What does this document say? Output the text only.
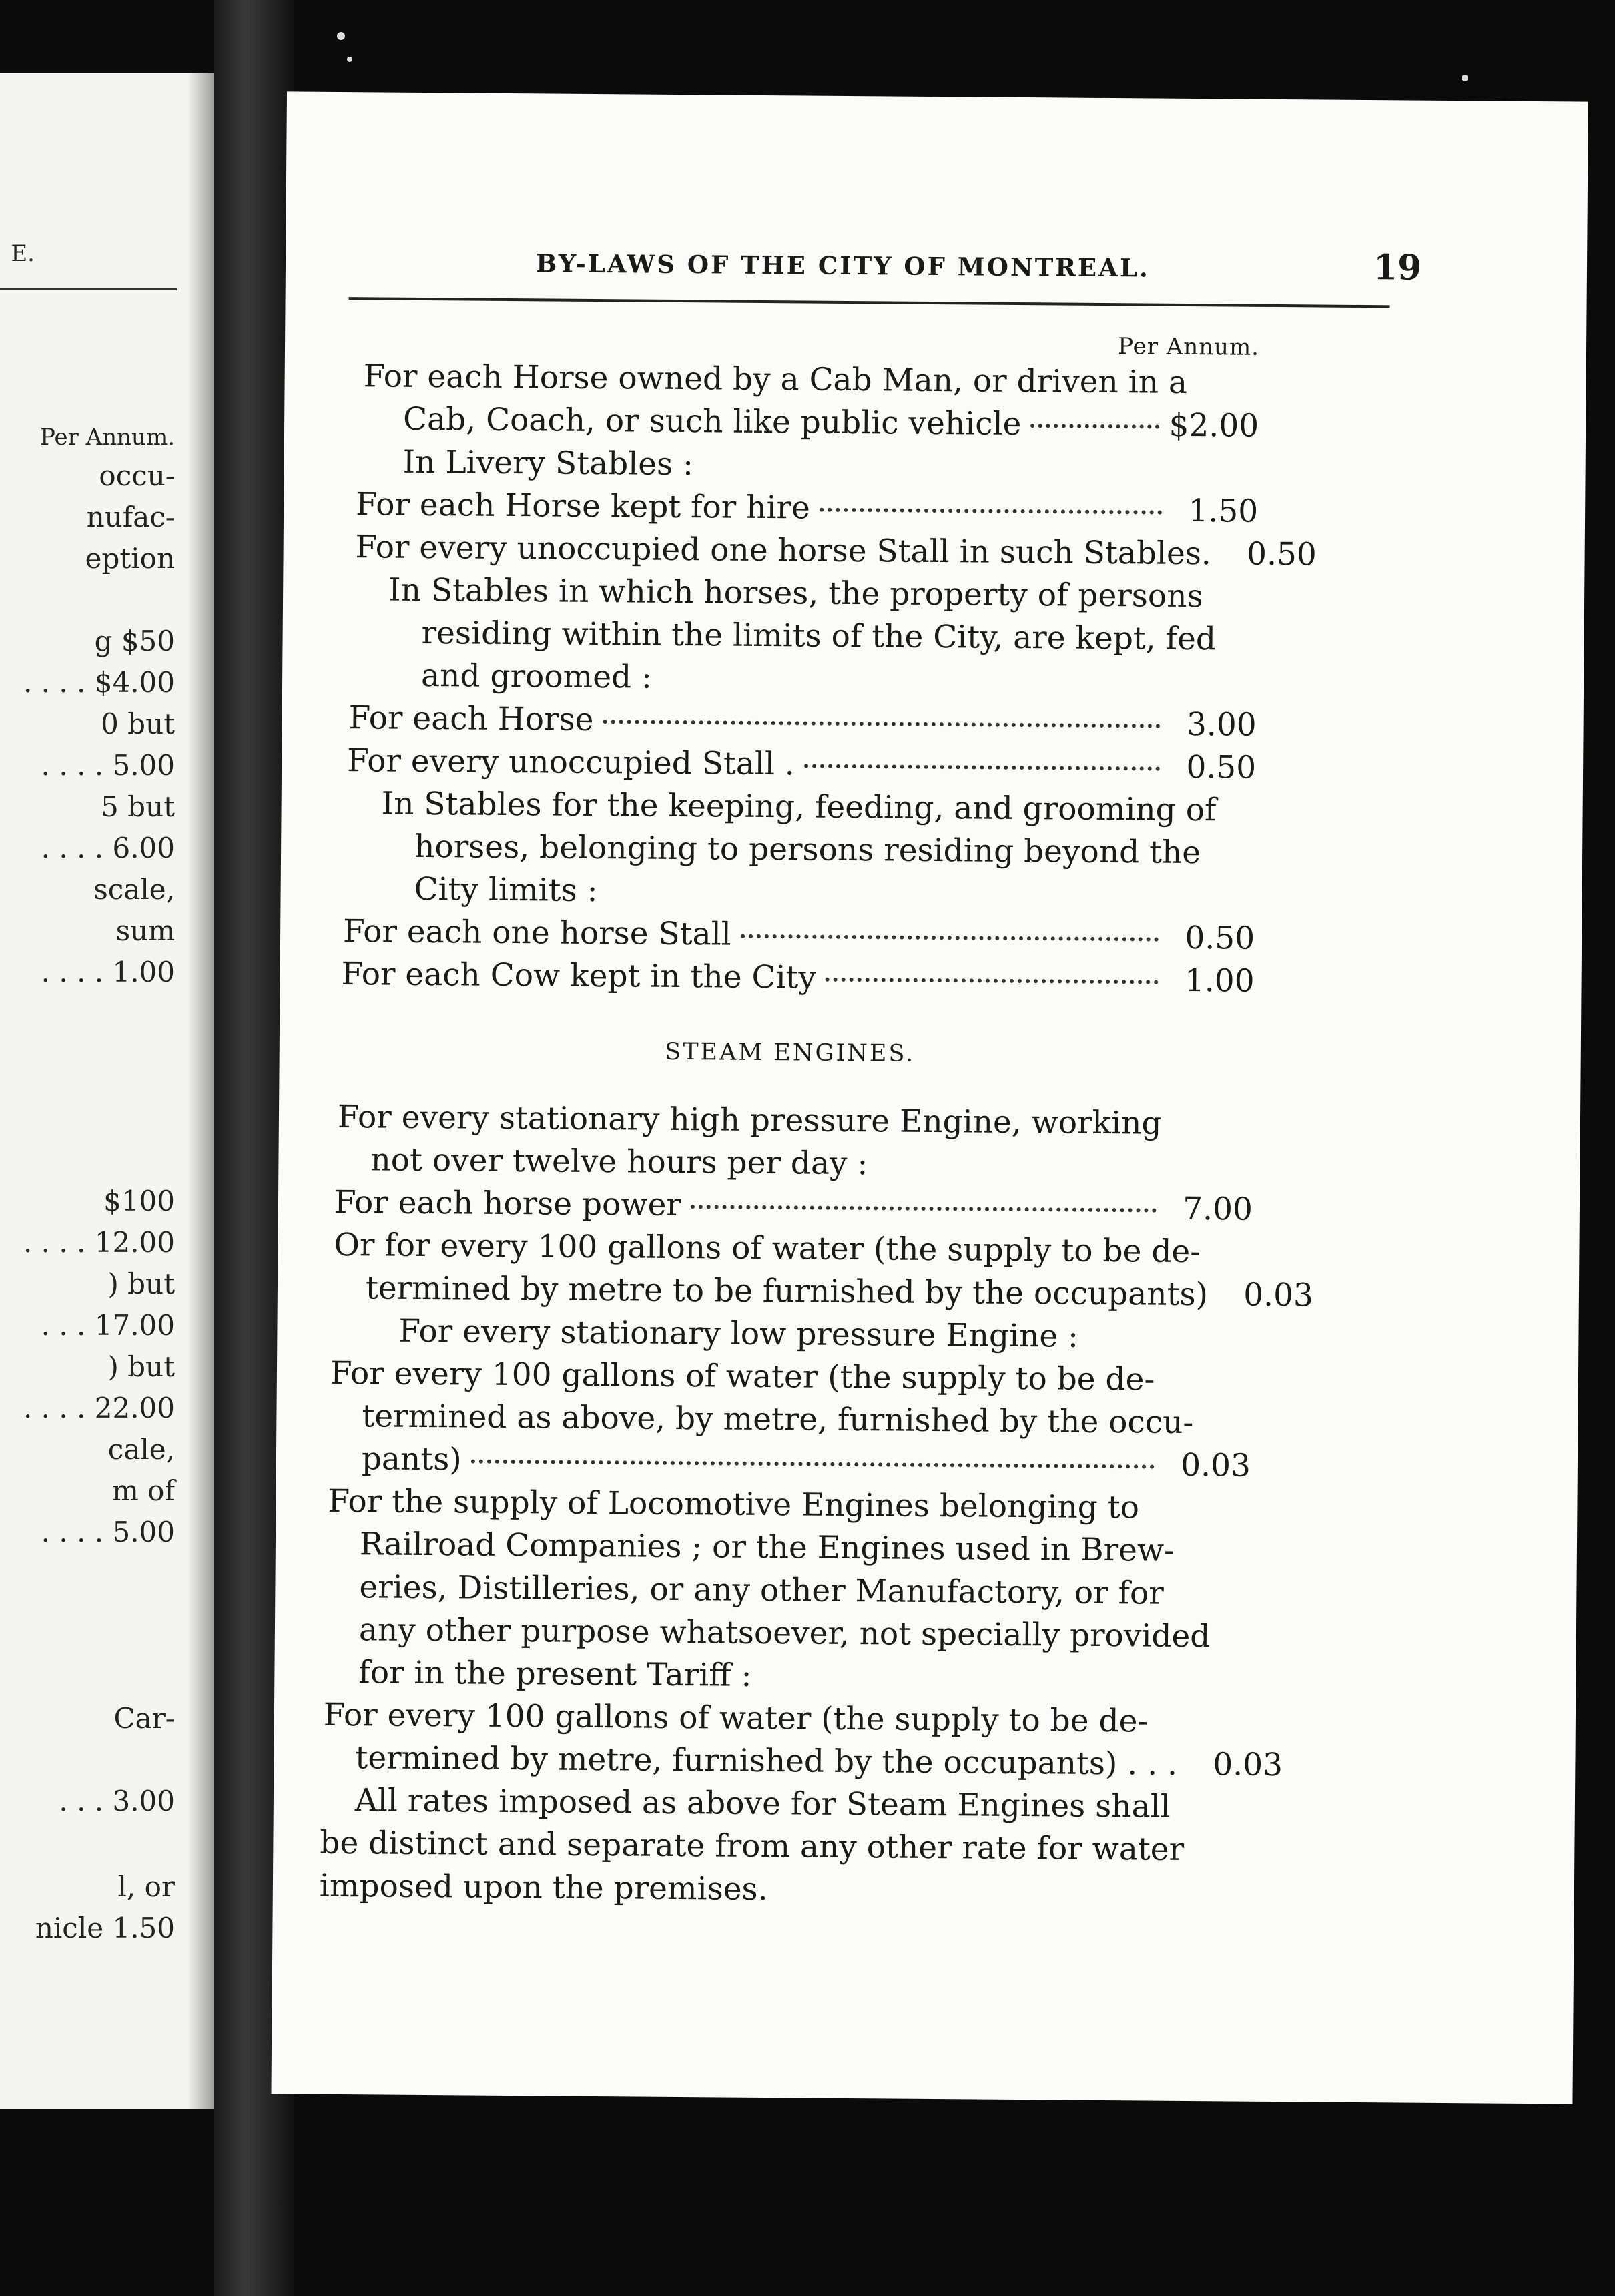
E.
Per Annum.
occu-
nufac-
eption
g $50
. . . . $4.00
0 but
. . . . 5.00
5 but
. . . . 6.00
scale,
sum
. . . . 1.00
$100
. . . . 12.00
) but
. . . 17.00
) but
. . . . 22.00
cale,
m of
. . . . 5.00
Car-
. . . 3.00
l, or
nicle 1.50
BY-LAWS OF THE CITY OF MONTREAL.	19
Per Annum.
For each Horse owned by a Cab Man, or driven in a
Cab, Coach, or such like public vehicle	$2.00
In Livery Stables :
For each Horse kept for hire	1.50
For every unoccupied one horse Stall in such Stables.	0.50
In Stables in which horses, the property of persons
residing within the limits of the City, are kept, fed
and groomed :
For each Horse	3.00
For every unoccupied Stall .	0.50
In Stables for the keeping, feeding, and grooming of
horses, belonging to persons residing beyond the
City limits :
For each one horse Stall	0.50
For each Cow kept in the City	1.00
STEAM ENGINES.
For every stationary high pressure Engine, working
not over twelve hours per day :
For each horse power	7.00
Or for every 100 gallons of water (the supply to be de-
termined by metre to be furnished by the occupants)	0.03
For every stationary low pressure Engine :
For every 100 gallons of water (the supply to be de-
termined as above, by metre, furnished by the occu-
pants)	0.03
For the supply of Locomotive Engines belonging to
Railroad Companies ; or the Engines used in Brew-
eries, Distilleries, or any other Manufactory, or for
any other purpose whatsoever, not specially provided
for in the present Tariff :
For every 100 gallons of water (the supply to be de-
termined by metre, furnished by the occupants) . . .	0.03
All rates imposed as above for Steam Engines shall
be distinct and separate from any other rate for water
imposed upon the premises.
